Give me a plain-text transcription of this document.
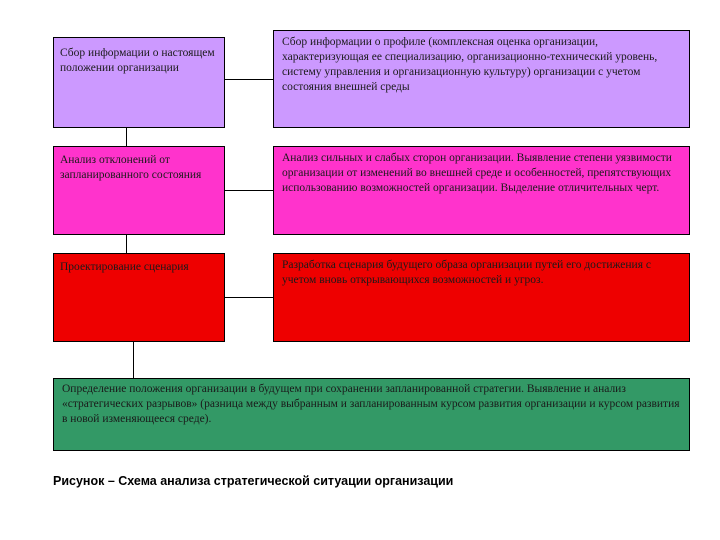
Сбор информации о настоящем положении организации
Сбор информации о профиле (комплексная оценка организации, характеризующая ее специализацию, организационно-технический уровень, систему управления и организационную культуру) организации с учетом состояния внешней среды
Анализ отклонений от запланированного состояния
Анализ сильных и слабых сторон организации. Выявление степени уязвимости организации от изменений во внешней среде и особенностей, препятствующих использованию возможностей организации. Выделение отличительных черт.
Проектирование сценария	Разработка сценария будущего образа организации путей его достижения с учетом вновь открывающихся возможностей и угроз.
Определение положения организации в будущем при сохранении запланированной стратегии. Выявление и анализ «стратегических разрывов» (разница между выбранным и запланированным курсом развития организации и курсом развития в новой изменяющееся среде).
Рисунок – Схема анализа стратегической ситуации организации
